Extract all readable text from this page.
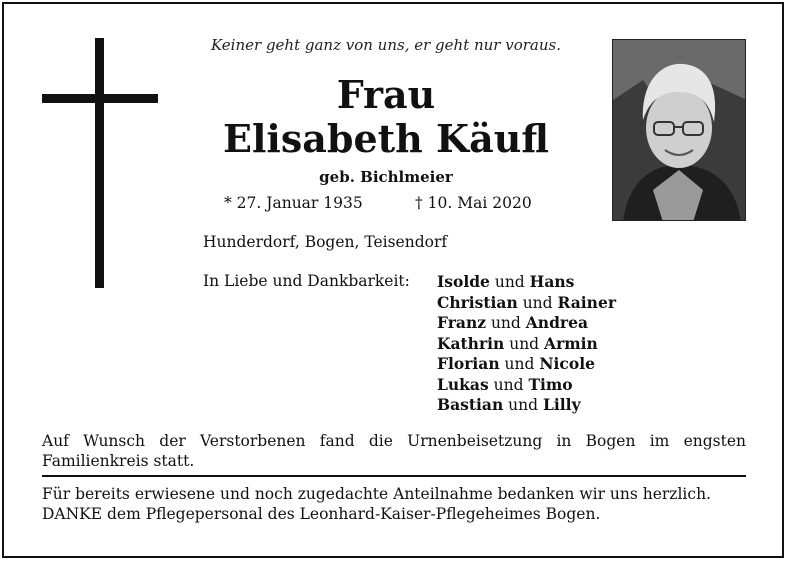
Keiner geht ganz von uns, er geht nur voraus.
Frau
Elisabeth Käufl
geb. Bichlmeier
* 27. Januar 1935	† 10. Mai 2020
Hunderdorf, Bogen, Teisendorf
In Liebe und Dankbarkeit: Isolde und Hans
Christian und Rainer
Franz und Andrea
Kathrin und Armin
Florian und Nicole
Lukas und Timo
Bastian und Lilly
Auf Wunsch der Verstorbenen fand die Urnenbeisetzung in Bogen im engsten Familienkreis statt.
Für bereits erwiesene und noch zugedachte Anteilnahme bedanken wir uns herzlich.
DANKE dem Pflegepersonal des Leonhard-Kaiser-Pflegeheimes Bogen.
